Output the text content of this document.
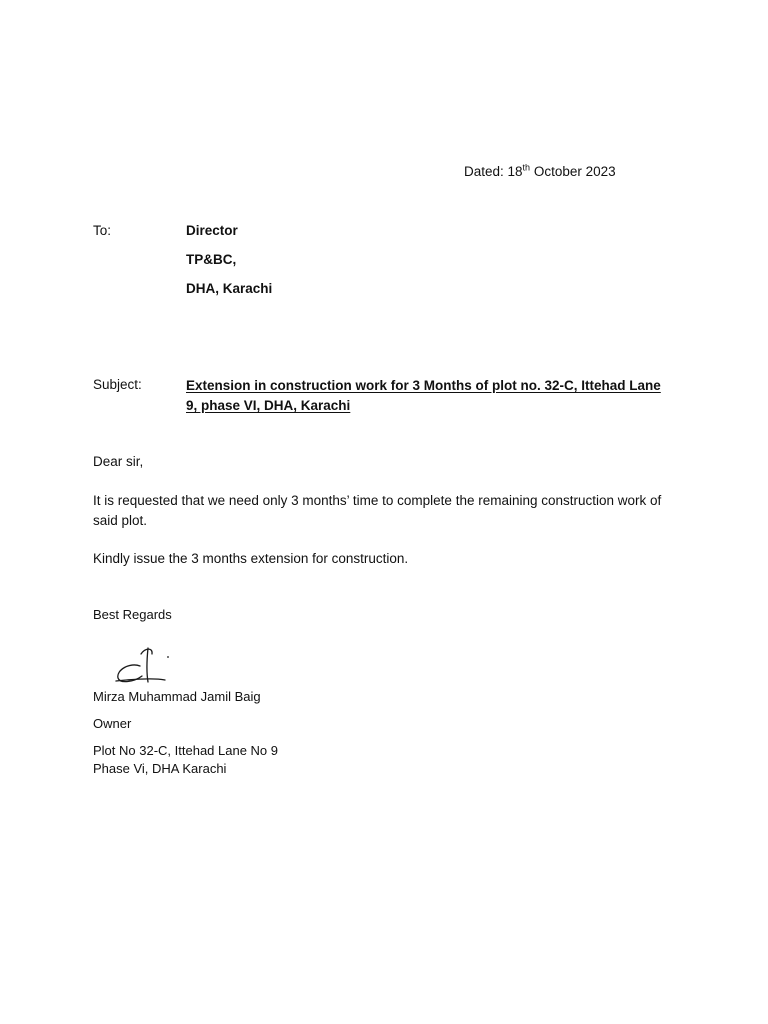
Dated: 18th October 2023
To:	Director
TP&BC,
DHA, Karachi
Subject:	Extension in construction work for 3 Months of plot no. 32-C, Ittehad Lane 9, phase VI, DHA, Karachi
Dear sir,
It is requested that we need only 3 months’ time to complete the remaining construction work of said plot.
Kindly issue the 3 months extension for construction.
Best Regards
Mirza Muhammad Jamil Baig
Owner
Plot No 32-C, Ittehad Lane No 9
Phase Vi, DHA Karachi
